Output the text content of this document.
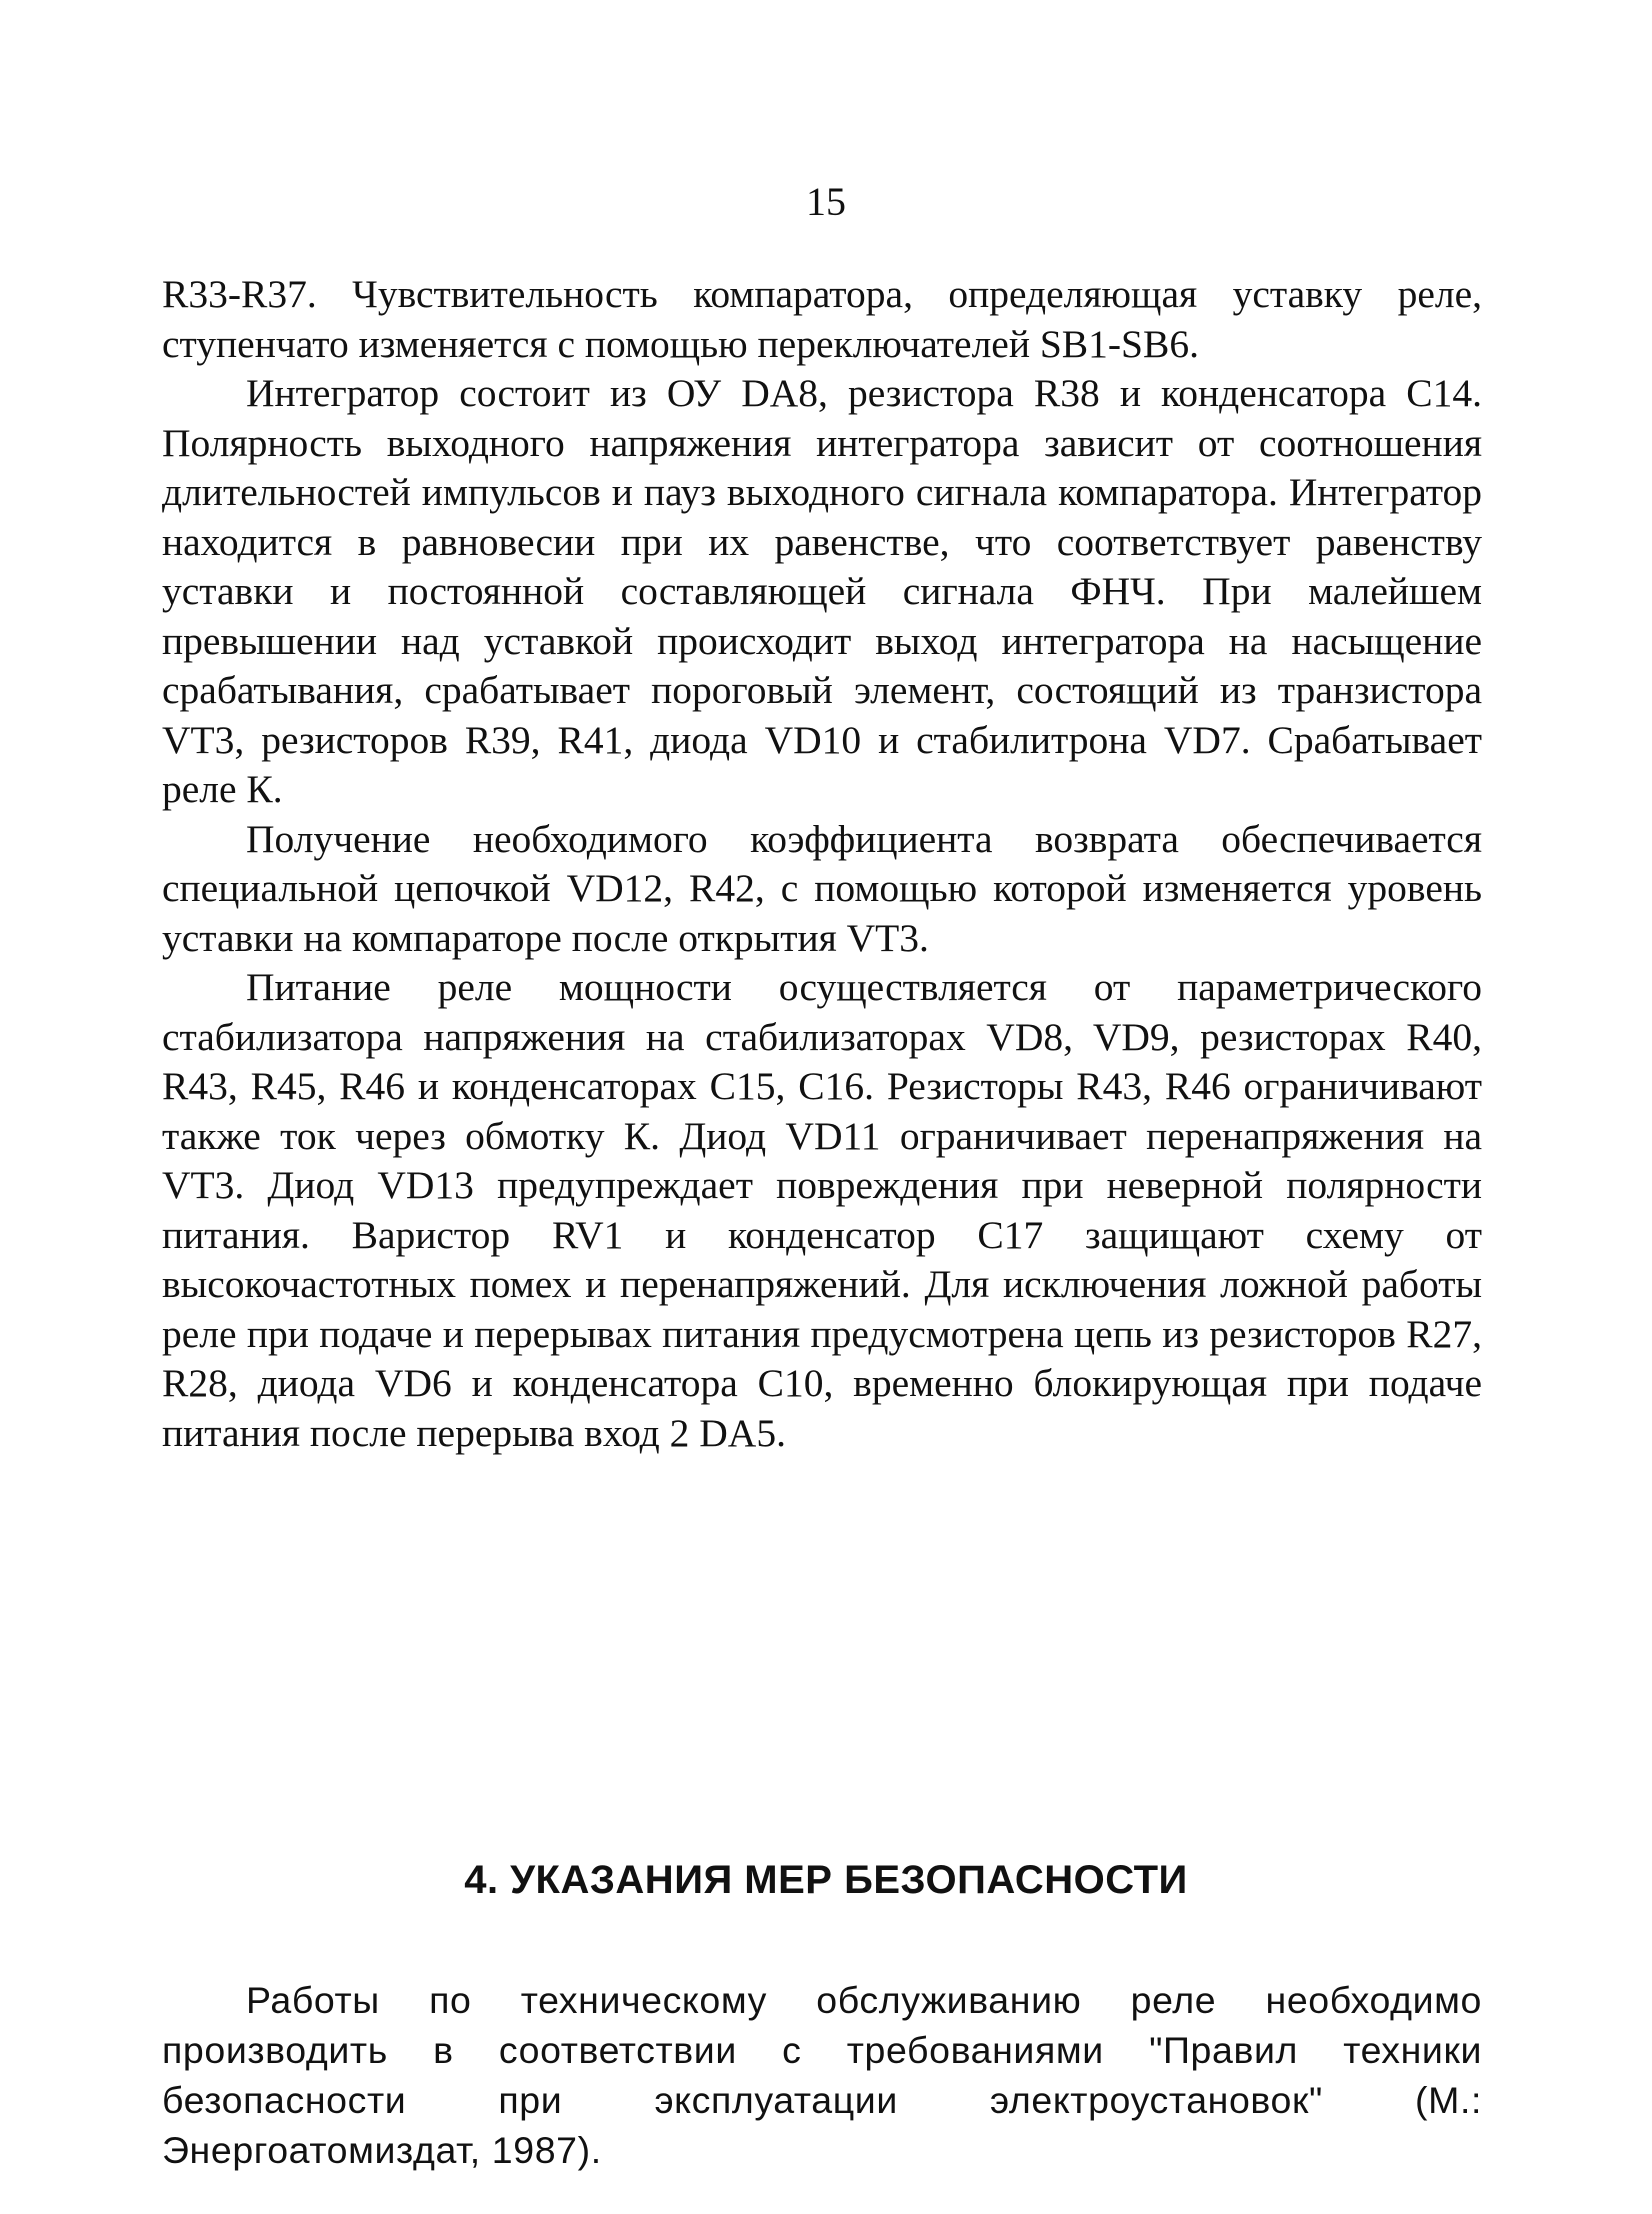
15

R33-R37. Чувствительность компаратора, определяющая уставку реле, ступенчато изменяется с помощью переключателей SB1-SB6.

Интегратор состоит из ОУ DA8, резистора R38 и конденсатора С14. Полярность выходного напряжения интегратора зависит от соотношения длительностей импульсов и пауз выходного сигнала компаратора. Интегратор находится в равновесии при их равенстве, что соответствует равенству уставки и постоянной составляющей сигнала ФНЧ. При малейшем превышении над уставкой происходит выход интегратора на насыщение срабатывания, срабатывает пороговый элемент, состоящий из транзистора VT3, резисторов R39, R41, диода VD10 и стабилитрона VD7. Срабатывает реле К.

Получение необходимого коэффициента возврата обеспечивается специальной цепочкой VD12, R42, с помощью которой изменяется уровень уставки на компараторе после открытия VT3.

Питание реле мощности осуществляется от параметрического стабилизатора напряжения на стабилизаторах VD8, VD9, резисторах R40, R43, R45, R46 и конденсаторах С15, С16. Резисторы R43, R46 ограничивают также ток через обмотку К. Диод VD11 ограничивает перенапряжения на VT3. Диод VD13 предупреждает повреждения при неверной полярности питания. Варистор RV1 и конденсатор С17 защищают схему от высокочастотных помех и перенапряжений. Для исключения ложной работы реле при подаче и перерывах питания предусмотрена цепь из резисторов R27, R28, диода VD6 и конденсатора С10, временно блокирующая при подаче питания после перерыва вход 2 DA5.

4. УКАЗАНИЯ МЕР БЕЗОПАСНОСТИ

Работы по техническому обслуживанию реле необходимо производить в соответствии с требованиями "Правил техники безопасности при эксплуатации электроустановок" (М.: Энергоатомиздат, 1987).
